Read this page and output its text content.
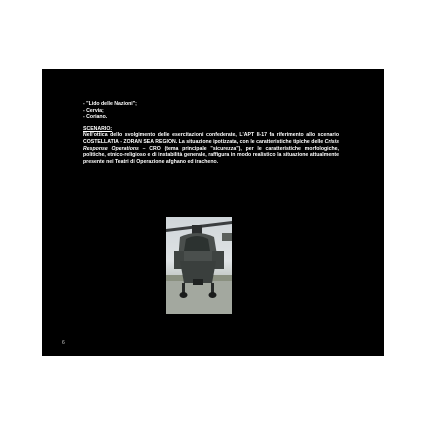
- "Lido delle Nazioni";
- Cervia;
- Coriano.

SCENARIO:

Nell'ottica dello svolgimento delle esercitazioni confederate, L'APT II-17 fa riferimento allo scenario COSTELLATIA - ZORAN SEA REGION. La situazione ipotizzata, con le caratteristiche tipiche delle Crisis Response Operations – CRO (tema principale "sicurezza"), per le caratteristiche morfologiche, politiche, etnico-religioso e di instabilità generale, raffigura in modo realistico la situazione attualmente presente nei Teatri di Operazione afghano ed iracheno.

6
